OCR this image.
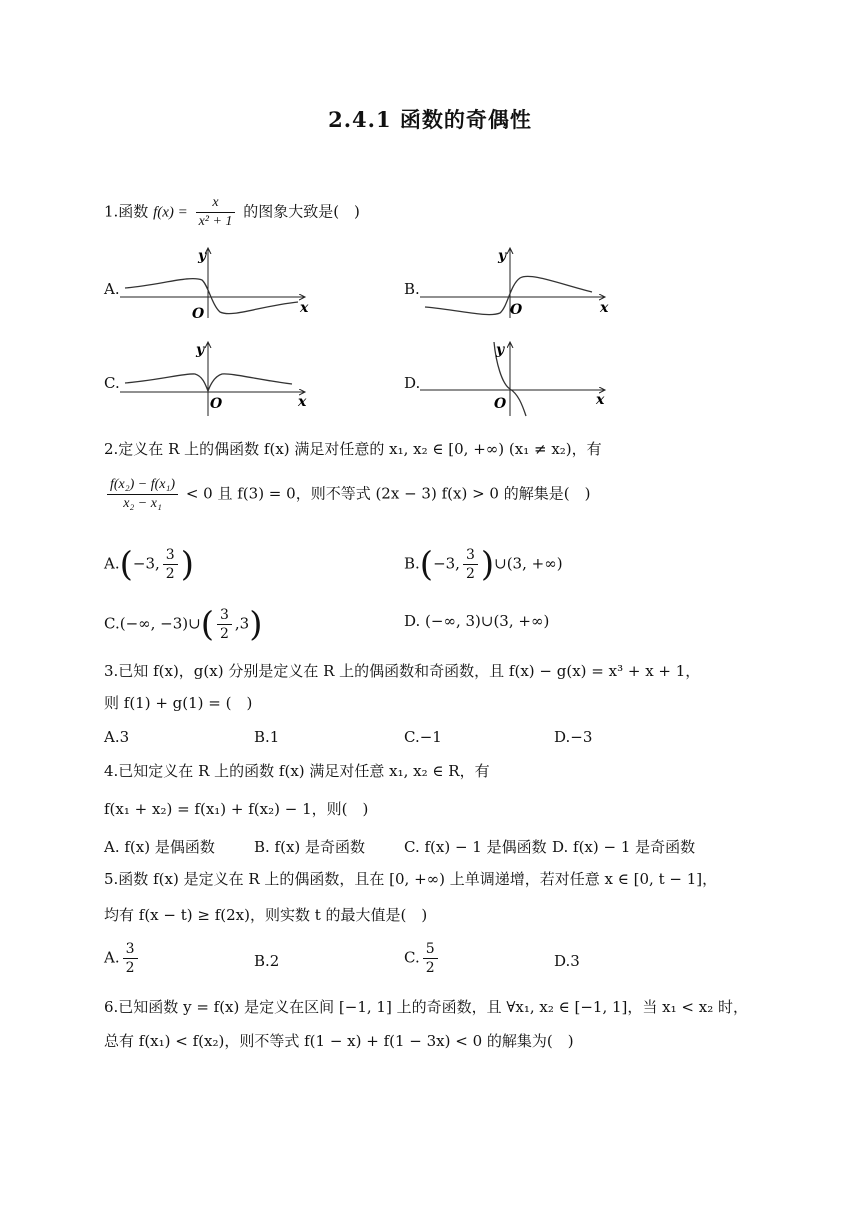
2.4.1 函数的奇偶性
1.函数 $f(x) = \frac{x}{\text{x² + 1}}$ 的图象大致是(　)
A.	B.
C.	D.
y
x
O
y
x
O
y
x
O
y
x
O
2.定义在 R 上的偶函数 f(x) 满足对任意的 x₁, x₂ ∈ [0, +∞) (x₁ ≠ x₂)，有
$\frac{\text{f(x₂) − f(x₁)}}{\text{x₂ − x₁}} < 0$ 且 f(3) = 0，则不等式 (2x − 3) f(x) > 0 的解集是(　)
A.(−3, $\frac{3}{2}$ )	B.(−3, $\frac{3}{2}$ )∪(3, +∞)
C.(−∞, −3)∪( $\frac{3}{2} ,3$)	D. (−∞, 3)∪(3, +∞)
3.已知 f(x)，g(x) 分别是定义在 R 上的偶函数和奇函数，且 f(x) − g(x) = x³ + x + 1，
则 f(1) + g(1) = (　)
A.3	B.1	C.−1	D.−3
4.已知定义在 R 上的函数 f(x) 满足对任意 x₁, x₂ ∈ R，有
f(x₁ + x₂) = f(x₁) + f(x₂) − 1，则(　)
A. f(x) 是偶函数	B. f(x) 是奇函数	C. f(x) − 1 是偶函数 D. f(x) − 1 是奇函数
5.函数 f(x) 是定义在 R 上的偶函数，且在 [0, +∞) 上单调递增，若对任意 x ∈ [0, t − 1]，
均有 f(x − t) ≥ f(2x)，则实数 t 的最大值是(　)
A. $\frac{3}{2}$	B.2	C. $\frac{5}{2}$	D.3
6.已知函数 y = f(x) 是定义在区间 [−1, 1] 上的奇函数，且 ∀x₁, x₂ ∈ [−1, 1]，当 x₁ < x₂ 时，
总有 f(x₁) < f(x₂)，则不等式 f(1 − x) + f(1 − 3x) < 0 的解集为(　)
